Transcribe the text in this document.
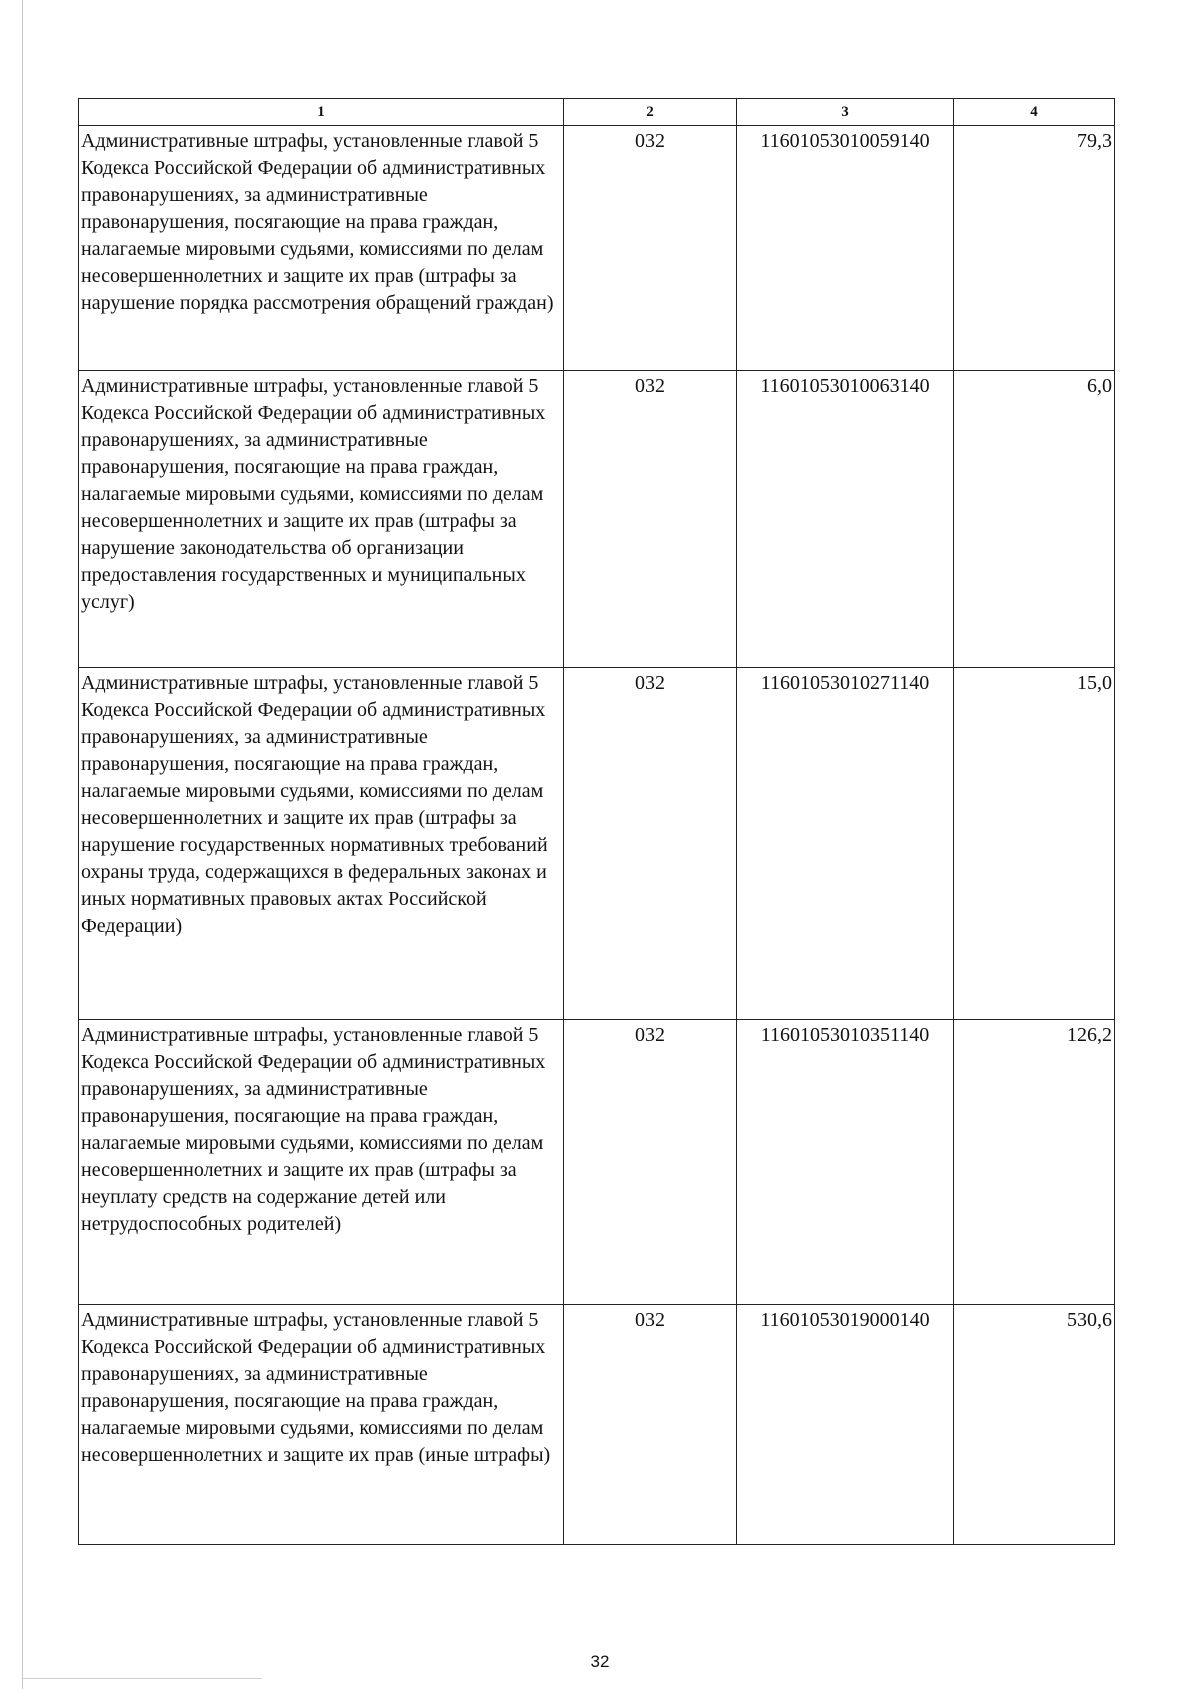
1	2	3	4
Административные штрафы, установленные главой 5 Кодекса Российской Федерации об административных правонарушениях, за административные правонарушения, посягающие на права граждан, налагаемые мировыми судьями, комиссиями по делам несовершеннолетних и защите их прав (штрафы за нарушение порядка рассмотрения обращений граждан)	032	11601053010059140	79,3
Административные штрафы, установленные главой 5 Кодекса Российской Федерации об административных правонарушениях, за административные правонарушения, посягающие на права граждан, налагаемые мировыми судьями, комиссиями по делам несовершеннолетних и защите их прав (штрафы за нарушение законодательства об организации предоставления государственных и муниципальных услуг)	032	11601053010063140	6,0
Административные штрафы, установленные главой 5 Кодекса Российской Федерации об административных правонарушениях, за административные правонарушения, посягающие на права граждан, налагаемые мировыми судьями, комиссиями по делам несовершеннолетних и защите их прав (штрафы за нарушение государственных нормативных требований охраны труда, содержащихся в федеральных законах и иных нормативных правовых актах Российской Федерации)	032	11601053010271140	15,0
Административные штрафы, установленные главой 5 Кодекса Российской Федерации об административных правонарушениях, за административные правонарушения, посягающие на права граждан, налагаемые мировыми судьями, комиссиями по делам несовершеннолетних и защите их прав (штрафы за неуплату средств на содержание детей или нетрудоспособных родителей)	032	11601053010351140	126,2
Административные штрафы, установленные главой 5 Кодекса Российской Федерации об административных правонарушениях, за административные правонарушения, посягающие на права граждан, налагаемые мировыми судьями, комиссиями по делам несовершеннолетних и защите их прав (иные штрафы)	032	11601053019000140	530,6
32
